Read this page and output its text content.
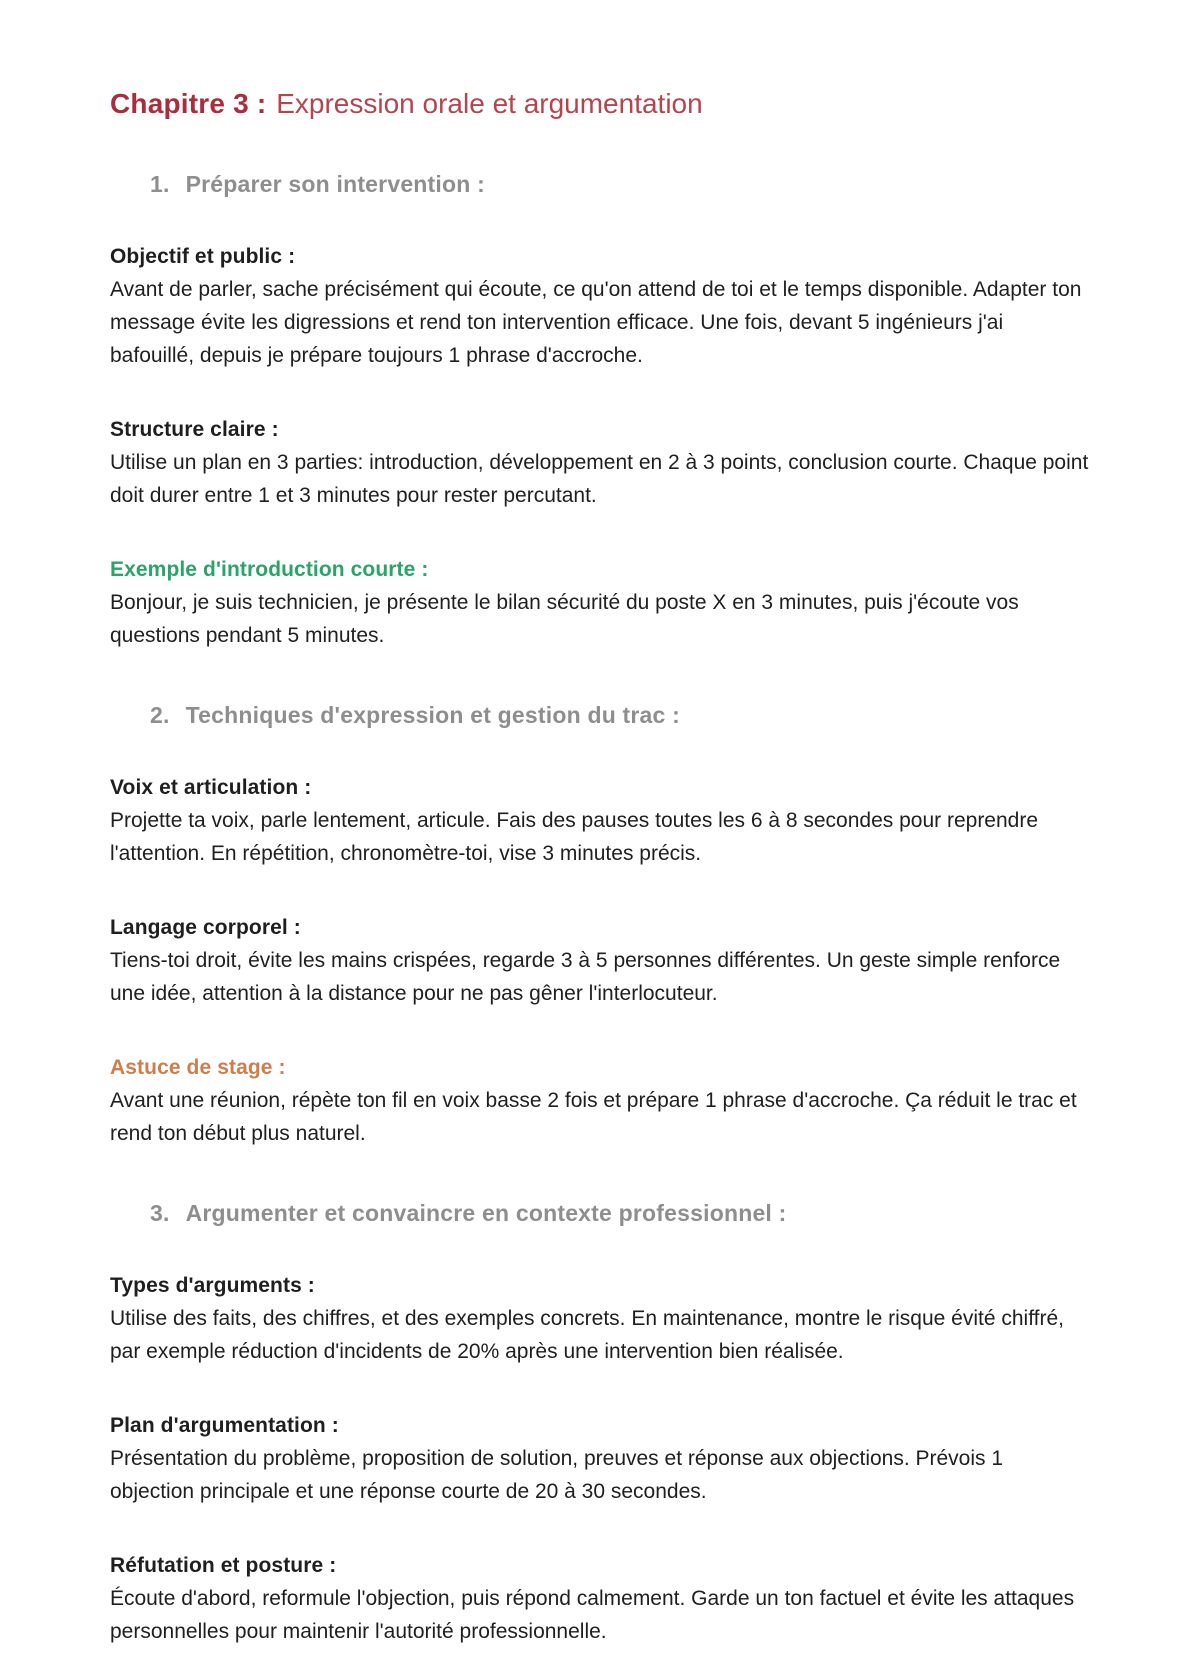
Chapitre 3 : Expression orale et argumentation
1. Préparer son intervention :
Objectif et public :

Avant de parler, sache précisément qui écoute, ce qu'on attend de toi et le temps disponible. Adapter ton message évite les digressions et rend ton intervention efficace. Une fois, devant 5 ingénieurs j'ai bafouillé, depuis je prépare toujours 1 phrase d'accroche.

Structure claire :

Utilise un plan en 3 parties: introduction, développement en 2 à 3 points, conclusion courte. Chaque point doit durer entre 1 et 3 minutes pour rester percutant.

Exemple d'introduction courte :

Bonjour, je suis technicien, je présente le bilan sécurité du poste X en 3 minutes, puis j'écoute vos questions pendant 5 minutes.

2. Techniques d'expression et gestion du trac :
Voix et articulation :

Projette ta voix, parle lentement, articule. Fais des pauses toutes les 6 à 8 secondes pour reprendre l'attention. En répétition, chronomètre-toi, vise 3 minutes précis.

Langage corporel :

Tiens-toi droit, évite les mains crispées, regarde 3 à 5 personnes différentes. Un geste simple renforce une idée, attention à la distance pour ne pas gêner l'interlocuteur.

Astuce de stage :

Avant une réunion, répète ton fil en voix basse 2 fois et prépare 1 phrase d'accroche. Ça réduit le trac et rend ton début plus naturel.

3. Argumenter et convaincre en contexte professionnel :
Types d'arguments :

Utilise des faits, des chiffres, et des exemples concrets. En maintenance, montre le risque évité chiffré, par exemple réduction d'incidents de 20% après une intervention bien réalisée.

Plan d'argumentation :

Présentation du problème, proposition de solution, preuves et réponse aux objections. Prévois 1 objection principale et une réponse courte de 20 à 30 secondes.

Réfutation et posture :

Écoute d'abord, reformule l'objection, puis répond calmement. Garde un ton factuel et évite les attaques personnelles pour maintenir l'autorité professionnelle.
